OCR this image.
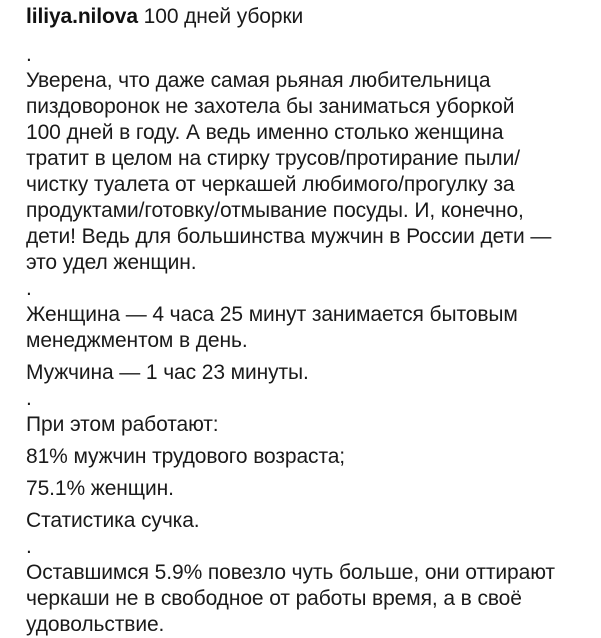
liliya.nilova 100 дней уборки

.

Уверена, что даже самая рьяная любительница

пиздоворонок не захотела бы заниматься уборкой

100 дней в году. А ведь именно столько женщина

тратит в целом на стирку трусов/протирание пыли/

чистку туалета от черкашей любимого/прогулку за

продуктами/готовку/отмывание посуды. И, конечно,

дети! Ведь для большинства мужчин в России дети —

это удел женщин.

.

Женщина — 4 часа 25 минут занимается бытовым

менеджментом в день.

Мужчина — 1 час 23 минуты.

.

При этом работают:

81% мужчин трудового возраста;

75.1% женщин.

Статистика сучка.

.

Оставшимся 5.9% повезло чуть больше, они оттирают

черкаши не в свободное от работы время, а в своё

удовольствие.
